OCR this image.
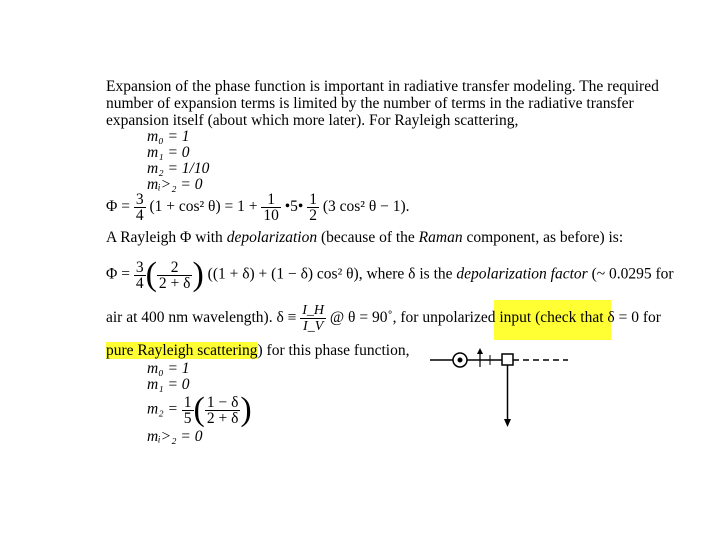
Expansion of the phase function is important in radiative transfer modeling. The required
number of expansion terms is limited by the number of terms in the radiative transfer
expansion itself (about which more later). For Rayleigh scattering,
m₀ = 1
m₁ = 0
m₂ = 1/10
mᵢ>₂ = 0
$\Phi = \frac{3}{4} (1 + \cos^2$ $\theta) = 1 + \frac{1}{10}$ •5• $\frac{1}{2} (3$ cos² θ − 1).
A Rayleigh Φ with depolarization (because of the Raman component, as before) is:
$\Phi = \frac{3}{4}$ ( $\frac{2}{2 + \delta}$ ) ((1 + δ) + (1 − δ) cos² θ), where δ is the depolarization factor (~ 0.0295 for
air at 400 nm wavelength). $\delta \equiv \frac{I\_H}{I\_V}$ @ θ = 90˚, for unpolarized input (check that δ = 0 for
pure Rayleigh scattering) for this phase function,
m₀ = 1
m₁ = 0
$m_2 = \frac{1}{5}$ ( $\frac{1 - \delta}{2 + \delta}$ )
mᵢ>₂ = 0
